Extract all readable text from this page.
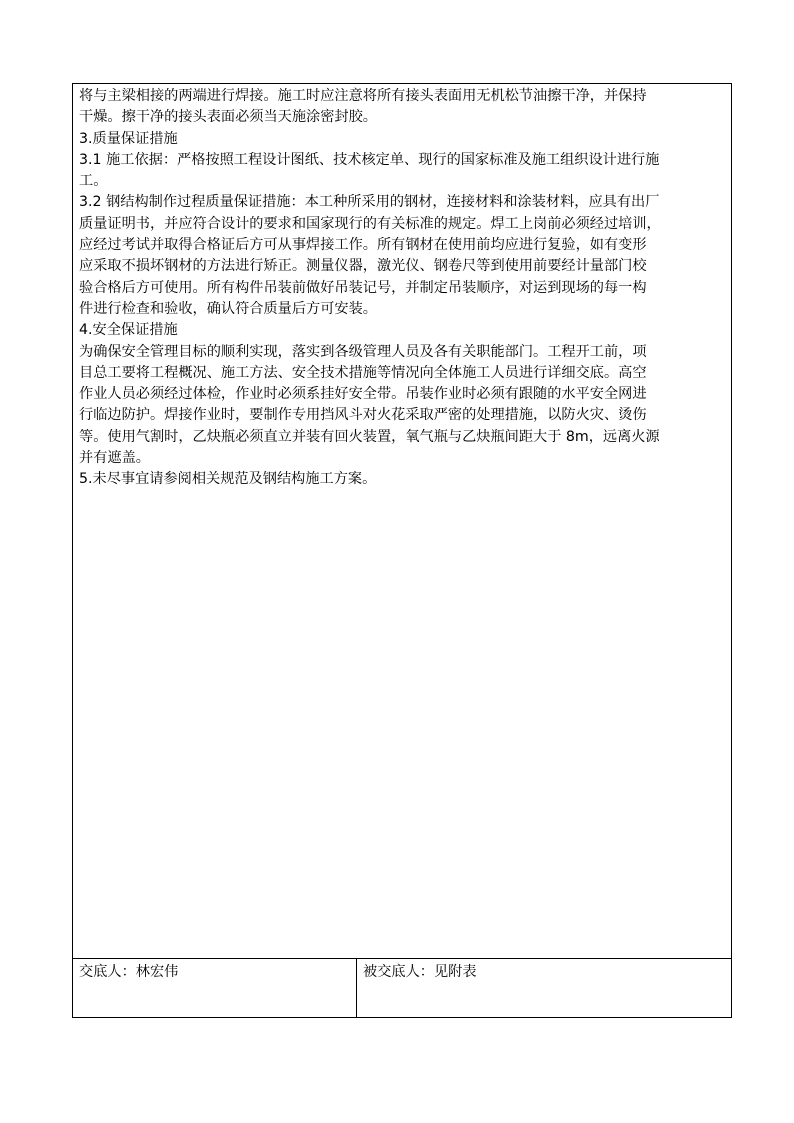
将与主梁相接的两端进行焊接。施工时应注意将所有接头表面用无机松节油擦干净，并保持

干燥。擦干净的接头表面必须当天施涂密封胶。

3.质量保证措施

3.1 施工依据：严格按照工程设计图纸、技术核定单、现行的国家标准及施工组织设计进行施

工。

3.2 钢结构制作过程质量保证措施：本工种所采用的钢材，连接材料和涂装材料，应具有出厂

质量证明书，并应符合设计的要求和国家现行的有关标准的规定。焊工上岗前必须经过培训，

应经过考试并取得合格证后方可从事焊接工作。所有钢材在使用前均应进行复验，如有变形

应采取不损坏钢材的方法进行矫正。测量仪器，激光仪、钢卷尺等到使用前要经计量部门校

验合格后方可使用。所有构件吊装前做好吊装记号，并制定吊装顺序，对运到现场的每一构

件进行检查和验收，确认符合质量后方可安装。

4.安全保证措施

为确保安全管理目标的顺利实现，落实到各级管理人员及各有关职能部门。工程开工前，项

目总工要将工程概况、施工方法、安全技术措施等情况向全体施工人员进行详细交底。高空

作业人员必须经过体检，作业时必须系挂好安全带。吊装作业时必须有跟随的水平安全网进

行临边防护。焊接作业时，要制作专用挡风斗对火花采取严密的处理措施，以防火灾、烫伤

等。使用气割时，乙炔瓶必须直立并装有回火装置，氧气瓶与乙炔瓶间距大于 8m，远离火源

并有遮盖。

5.未尽事宜请参阅相关规范及钢结构施工方案。

交底人：林宏伟	被交底人：见附表
